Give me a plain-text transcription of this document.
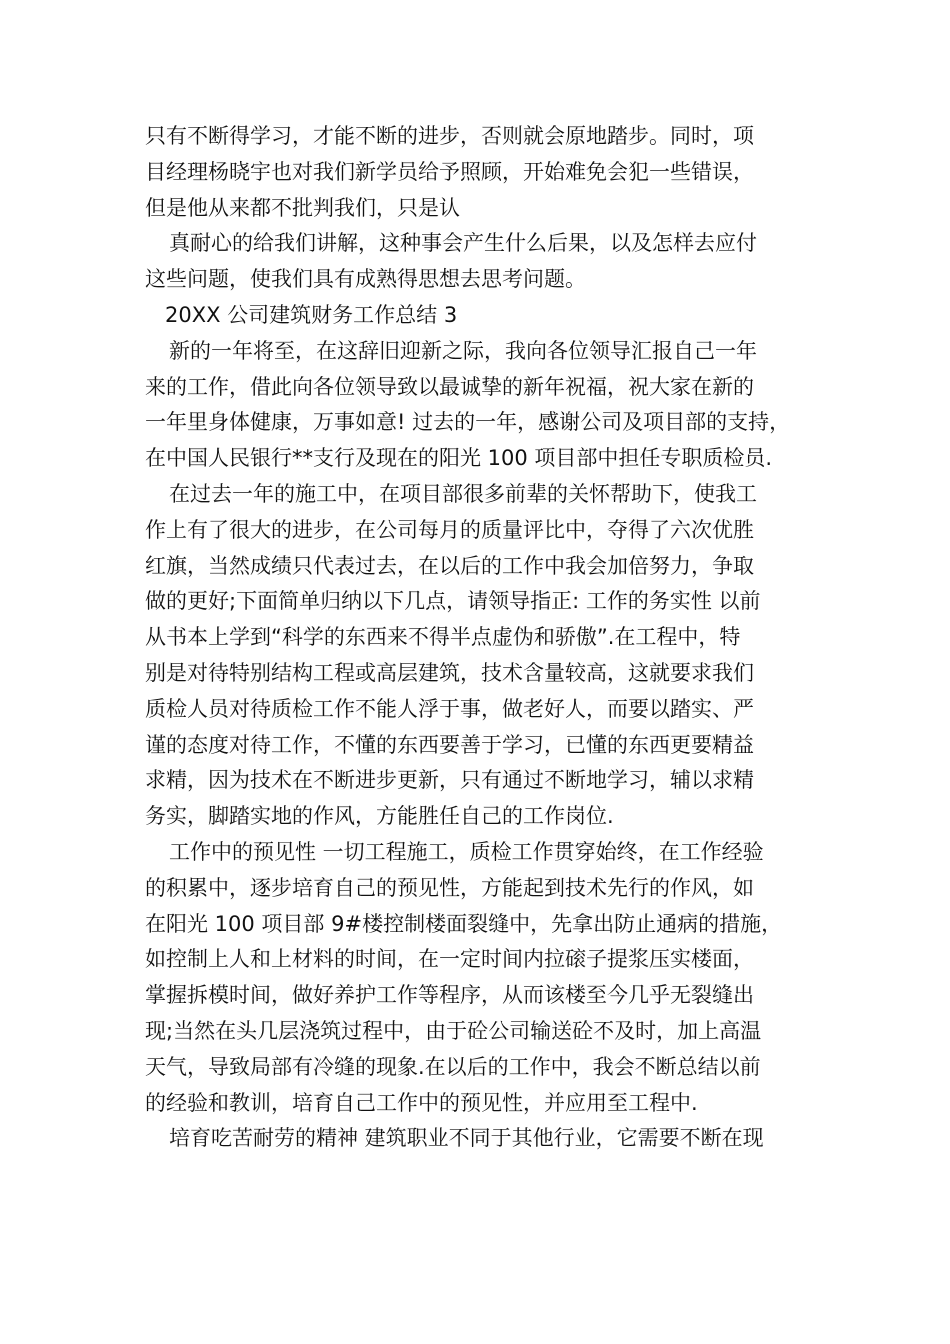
只有不断得学习，才能不断的进步，否则就会原地踏步。同时，项
目经理杨晓宇也对我们新学员给予照顾，开始难免会犯一些错误，
但是他从来都不批判我们，只是认
真耐心的给我们讲解，这种事会产生什么后果，以及怎样去应付
这些问题，使我们具有成熟得思想去思考问题。
20XX 公司建筑财务工作总结 3
新的一年将至，在这辞旧迎新之际，我向各位领导汇报自己一年
来的工作，借此向各位领导致以最诚挚的新年祝福，祝大家在新的
一年里身体健康，万事如意! 过去的一年，感谢公司及项目部的支持，
在中国人民银行**支行及现在的阳光 100 项目部中担任专职质检员.
在过去一年的施工中，在项目部很多前辈的关怀帮助下，使我工
作上有了很大的进步，在公司每月的质量评比中，夺得了六次优胜
红旗，当然成绩只代表过去，在以后的工作中我会加倍努力，争取
做的更好;下面简单归纳以下几点，请领导指正: 工作的务实性 以前
从书本上学到“科学的东西来不得半点虚伪和骄傲”.在工程中，特
别是对待特别结构工程或高层建筑，技术含量较高，这就要求我们
质检人员对待质检工作不能人浮于事，做老好人，而要以踏实、严
谨的态度对待工作，不懂的东西要善于学习，已懂的东西更要精益
求精，因为技术在不断进步更新，只有通过不断地学习，辅以求精
务实，脚踏实地的作风，方能胜任自己的工作岗位.
工作中的预见性 一切工程施工，质检工作贯穿始终，在工作经验
的积累中，逐步培育自己的预见性，方能起到技术先行的作风，如
在阳光 100 项目部 9#楼控制楼面裂缝中，先拿出防止通病的措施，
如控制上人和上材料的时间，在一定时间内拉磙子提浆压实楼面，
掌握拆模时间，做好养护工作等程序，从而该楼至今几乎无裂缝出
现;当然在头几层浇筑过程中，由于砼公司输送砼不及时，加上高温
天气，导致局部有冷缝的现象.在以后的工作中，我会不断总结以前
的经验和教训，培育自己工作中的预见性，并应用至工程中.
培育吃苦耐劳的精神 建筑职业不同于其他行业，它需要不断在现
